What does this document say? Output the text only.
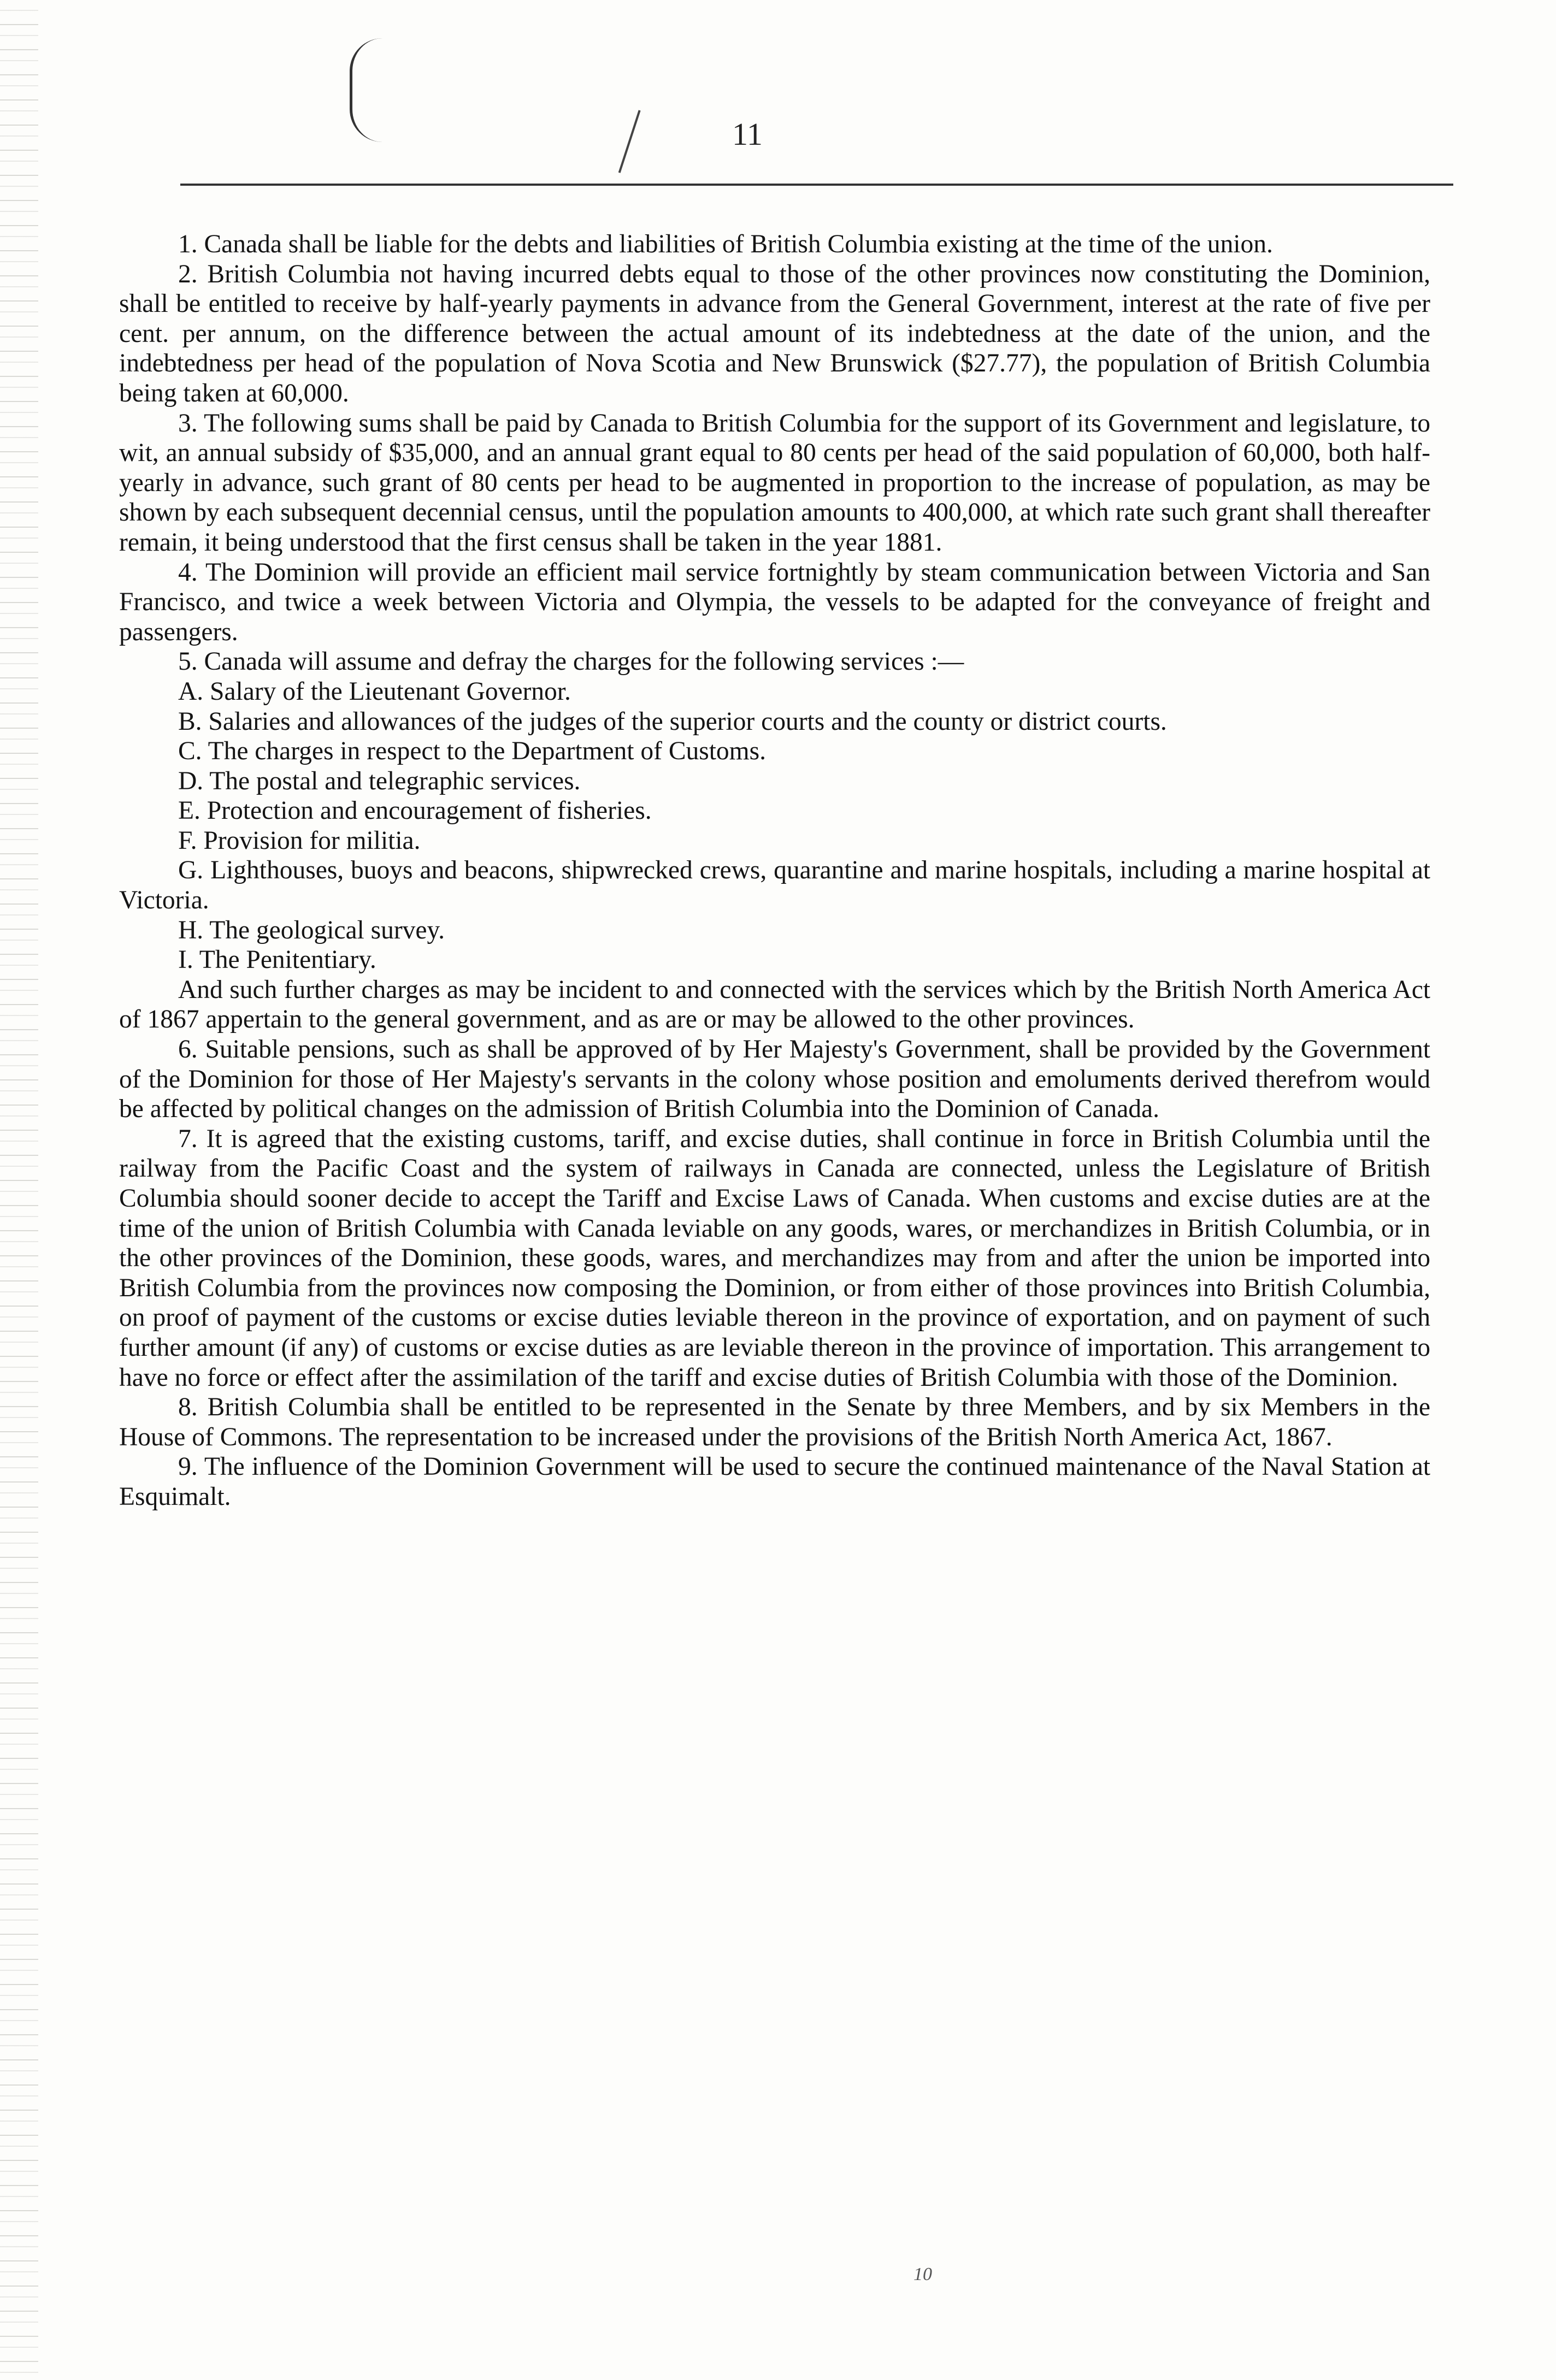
11

1. Canada shall be liable for the debts and liabilities of British Columbia existing at the time of the union.

2. British Columbia not having incurred debts equal to those of the other provinces now constituting the Dominion, shall be entitled to receive by half-yearly payments in advance from the General Government, interest at the rate of five per cent. per annum, on the difference between the actual amount of its indebtedness at the date of the union, and the indebtedness per head of the population of Nova Scotia and New Brunswick ($27.77), the population of British Columbia being taken at 60,000.

3. The following sums shall be paid by Canada to British Columbia for the support of its Government and legislature, to wit, an annual subsidy of $35,000, and an annual grant equal to 80 cents per head of the said population of 60,000, both half-yearly in advance, such grant of 80 cents per head to be augmented in proportion to the increase of population, as may be shown by each subsequent decennial census, until the population amounts to 400,000, at which rate such grant shall thereafter remain, it being understood that the first census shall be taken in the year 1881.

4. The Dominion will provide an efficient mail service fortnightly by steam communication between Victoria and San Francisco, and twice a week between Victoria and Olympia, the vessels to be adapted for the conveyance of freight and passengers.

5. Canada will assume and defray the charges for the following services :—

A. Salary of the Lieutenant Governor.

B. Salaries and allowances of the judges of the superior courts and the county or district courts.

C. The charges in respect to the Department of Customs.

D. The postal and telegraphic services.

E. Protection and encouragement of fisheries.

F. Provision for militia.

G. Lighthouses, buoys and beacons, shipwrecked crews, quarantine and marine hospitals, including a marine hospital at Victoria.

H. The geological survey.

I. The Penitentiary.

And such further charges as may be incident to and connected with the services which by the British North America Act of 1867 appertain to the general government, and as are or may be allowed to the other provinces.

6. Suitable pensions, such as shall be approved of by Her Majesty's Government, shall be provided by the Government of the Dominion for those of Her Majesty's servants in the colony whose position and emoluments derived therefrom would be affected by political changes on the admission of British Columbia into the Dominion of Canada.

7. It is agreed that the existing customs, tariff, and excise duties, shall continue in force in British Columbia until the railway from the Pacific Coast and the system of railways in Canada are connected, unless the Legislature of British Columbia should sooner decide to accept the Tariff and Excise Laws of Canada. When customs and excise duties are at the time of the union of British Columbia with Canada leviable on any goods, wares, or merchandizes in British Columbia, or in the other provinces of the Dominion, these goods, wares, and merchandizes may from and after the union be imported into British Columbia from the provinces now composing the Dominion, or from either of those provinces into British Columbia, on proof of payment of the customs or excise duties leviable thereon in the province of exportation, and on payment of such further amount (if any) of customs or excise duties as are leviable thereon in the province of importation. This arrangement to have no force or effect after the assimilation of the tariff and excise duties of British Columbia with those of the Dominion.

8. British Columbia shall be entitled to be represented in the Senate by three Members, and by six Members in the House of Commons. The representation to be increased under the provisions of the British North America Act, 1867.

9. The influence of the Dominion Government will be used to secure the continued maintenance of the Naval Station at Esquimalt.

10
